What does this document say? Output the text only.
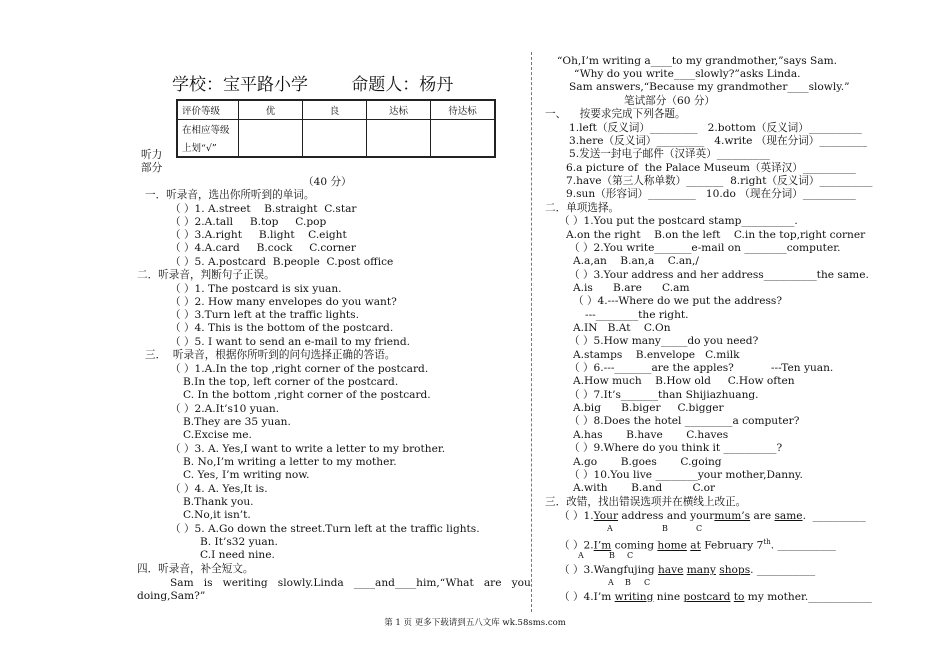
学校：宝平路小学	命题人：杨丹
评价等级	优	良	达标	待达标
在相应等级				
上划“√”				
听力
部分
（40 分）
一．听录音，选出你所听到的单词。
（ ）1. A.street    B.straight  C.star
（ ）2.A.tall     B.top     C.pop
（ ）3.A.right     B.light    C.eight
（ ）4.A.card     B.cock     C.corner
（ ）5. A.postcard  B.people  C.post office
二．听录音，判断句子正误。
（ ）1. The postcard is six yuan.
（ ）2. How many envelopes do you want?
（ ）3.Turn left at the traffic lights.
（ ）4. This is the bottom of the postcard.
（ ）5. I want to send an e-mail to my friend.
三．  听录音，根据你所听到的问句选择正确的答语。
（ ）1.A.In the top ,right corner of the postcard.
B.In the top, left corner of the postcard.
C. In the bottom ,right corner of the postcard.
（ ）2.A.It’s10 yuan.
B.They are 35 yuan.
C.Excise me.
（ ）3. A. Yes,I want to write a letter to my brother.
B. No,I’m writing a letter to my mother.
C. Yes, I’m writing now.
（ ）4. A. Yes,It is.
B.Thank you.
C.No,it isn’t.
（ ）5. A.Go down the street.Turn left at the traffic lights.
B. It’s32 yuan.
C.I need nine.
四．听录音，补全短文。
Sam   is   weriting   slowly.Linda   ____and____him,“What   are   you
doing,Sam?”
“Oh,I’m writing a____to my grandmother,”says Sam.
“Why do you write____slowly?”asks Linda.
Sam answers,“Because my grandmother____slowly.”
笔试部分（60 分）
一、    按要求完成下列各题。
1.left（反义词）_________   2.bottom（反义词）__________
3.here（反义词）_________   4.write （现在分词）_________
5.发送一封电子邮件（汉译英）__________
6.a picture of  the Palace Museum（英译汉）__________
7.have（第三人称单数）_______  8.right（反义词）__________
9.sun（形容词）_________   10.do （现在分词）__________
二．单项选择。
（ ）1.You put the postcard stamp__________.
A.on the right    B.on the left    C.in the top,right corner
（ ）2.You write_______e-mail on ________computer.
A.a,an    B.an,a    C.an,/
（ ）3.Your address and her address__________the same.
A.is      B.are      C.am
（ ）4.---Where do we put the address?
---________the right.
A.IN   B.At    C.On
（ ）5.How many_____do you need?
A.stamps    B.envelope   C.milk
（ ）6.---_______are the apples?           ---Ten yuan.
A.How much    B.How old     C.How often
（ ）7.It’s_______than Shijiazhuang.
A.big      B.biger     C.bigger
（ ）8.Does the hotel _________a computer?
A.has       B.have       C.haves
（ ）9.Where do you think it __________?
A.go       B.goes       C.going
（ ）10.You live ________your mother,Danny.
A.with       B.and         C.or
三．改错，找出错误选项并在横线上改正。
（ ）1.Your address and yourmum’s are same.  __________
A	B	C
（ ）2.I’m coming home at February 7th. ___________
A	B C
（ ）3.Wangfujing have many shops. ___________
A B C
（ ）4.I’m writing nine postcard to my mother.____________
第 1 页 更多下载请到五八文库 wk.58sms.com
